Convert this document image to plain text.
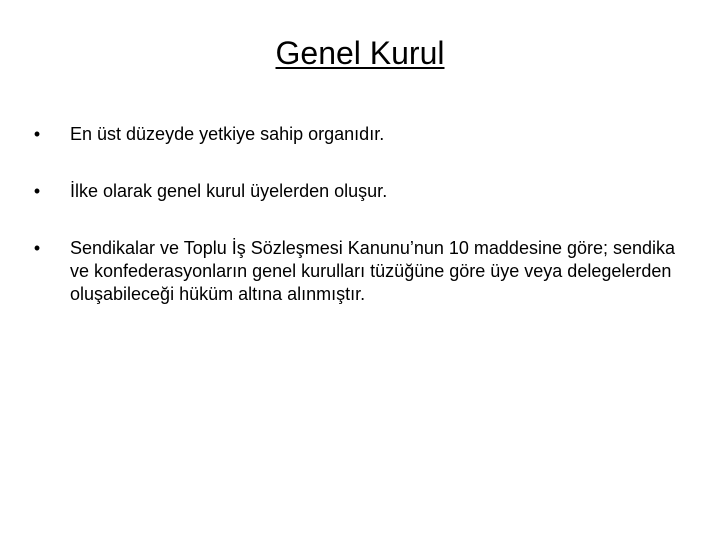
Genel Kurul
• En üst düzeyde yetkiye sahip organıdır.
• İlke olarak genel kurul üyelerden oluşur.
• Sendikalar ve Toplu İş Sözleşmesi Kanunu’nun 10 maddesine göre; sendika ve konfederasyonların genel kurulları tüzüğüne göre üye veya delegelerden oluşabileceği hüküm altına alınmıştır.
